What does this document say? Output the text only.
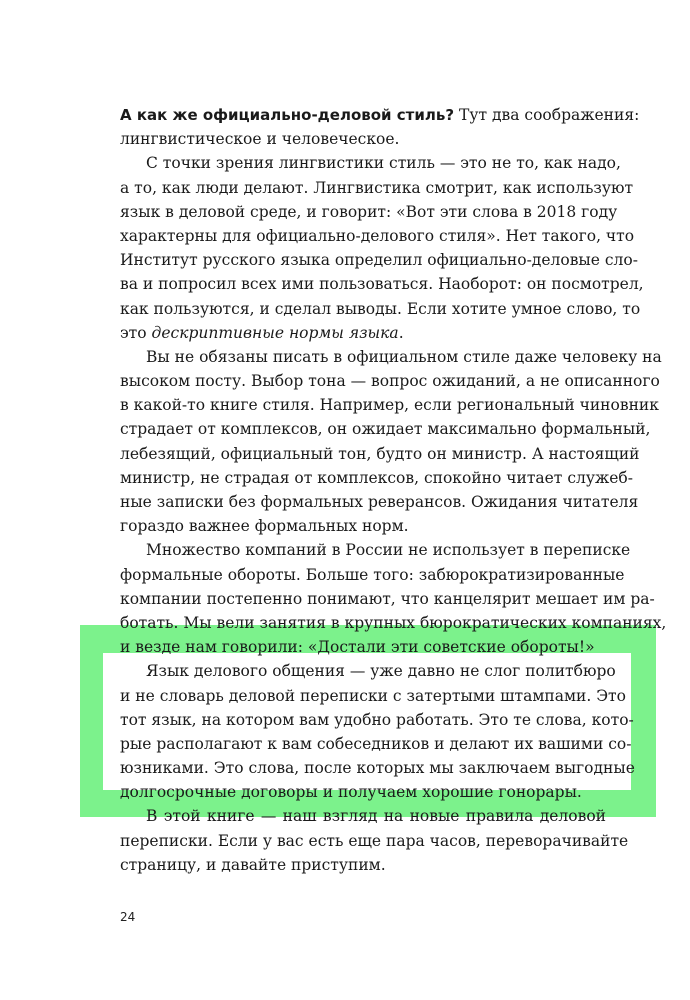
А как же официально-деловой стиль? Тут два соображения:
лингвистическое и человеческое.
С точки зрения лингвистики стиль — это не то, как надо,
а то, как люди делают. Лингвистика смотрит, как используют
язык в деловой среде, и говорит: «Вот эти слова в 2018 году
характерны для официально-делового стиля». Нет такого, что
Институт русского языка определил официально-деловые сло-
ва и попросил всех ими пользоваться. Наоборот: он посмотрел,
как пользуются, и сделал выводы. Если хотите умное слово, то
это дескриптивные нормы языка.
Вы не обязаны писать в официальном стиле даже человеку на
высоком посту. Выбор тона — вопрос ожиданий, а не описанного
в какой-то книге стиля. Например, если региональный чиновник
страдает от комплексов, он ожидает максимально формальный,
лебезящий, официальный тон, будто он министр. А настоящий
министр, не страдая от комплексов, спокойно читает служеб-
ные записки без формальных реверансов. Ожидания читателя
гораздо важнее формальных норм.
Множество компаний в России не использует в переписке
формальные обороты. Больше того: забюрократизированные
компании постепенно понимают, что канцелярит мешает им ра-
ботать. Мы вели занятия в крупных бюрократических компаниях,
и везде нам говорили: «Достали эти советские обороты!»
Язык делового общения — уже давно не слог политбюро
и не словарь деловой переписки с затертыми штампами. Это
тот язык, на котором вам удобно работать. Это те слова, кото-
рые располагают к вам собеседников и делают их вашими со-
юзниками. Это слова, после которых мы заключаем выгодные
долгосрочные договоры и получаем хорошие гонорары.
В этой книге — наш взгляд на новые правила деловой
переписки. Если у вас есть еще пара часов, переворачивайте
страницу, и давайте приступим.
24
